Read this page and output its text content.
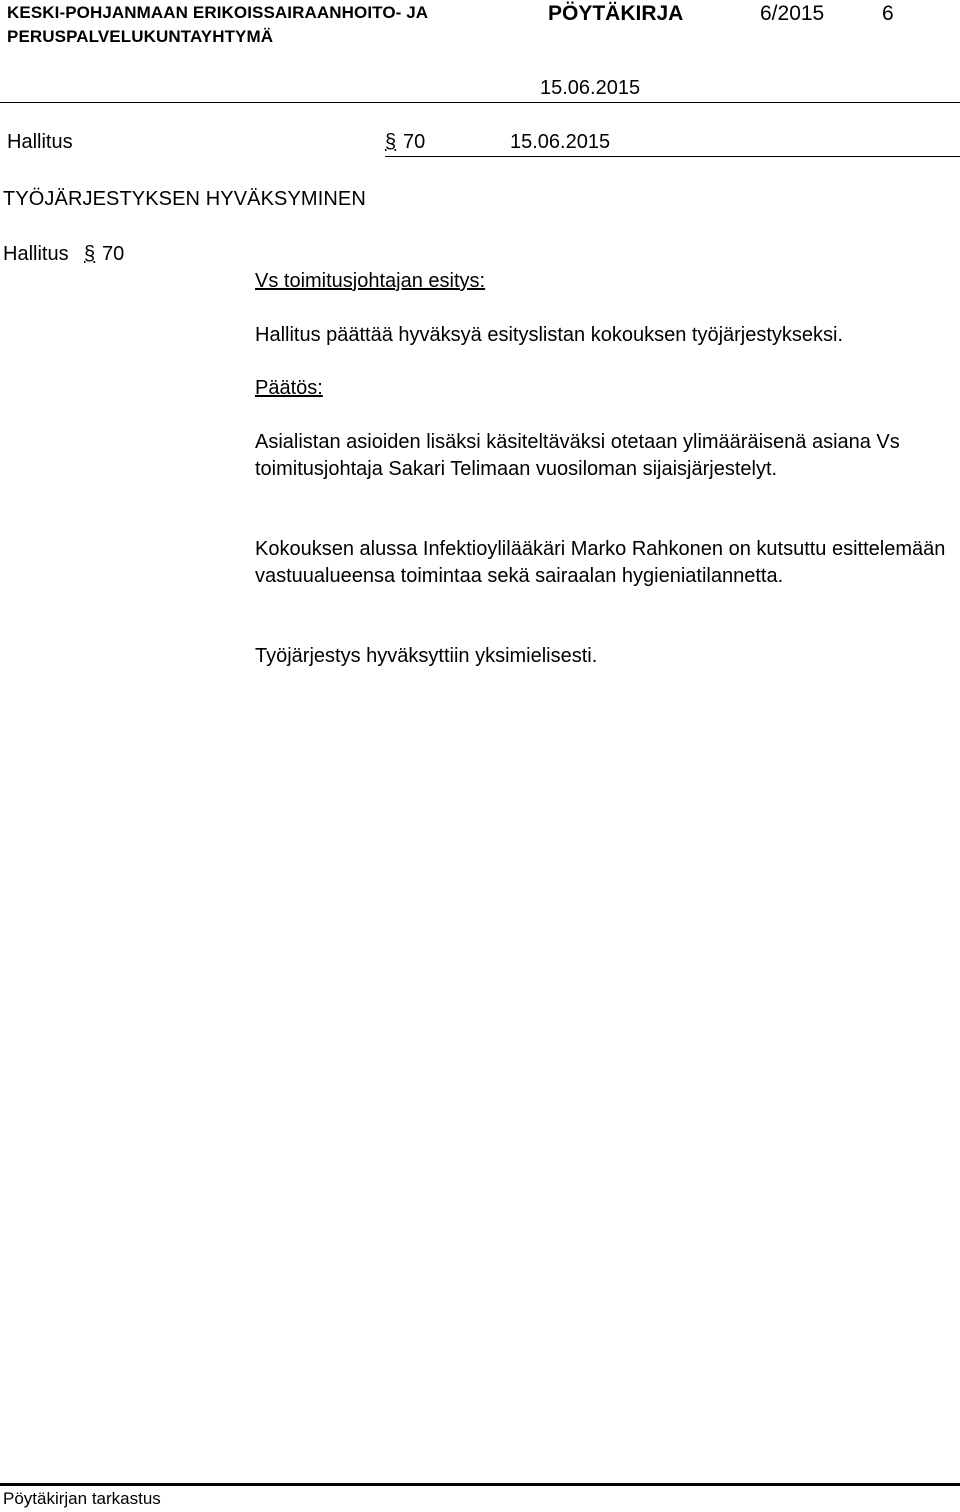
KESKI-POHJANMAAN ERIKOISSAIRAANHOITO- JA
PERUSPALVELUKUNTAYHTYMÄ
PÖYTÄKIRJA	6/2015	6
15.06.2015
Hallitus	§ 70	15.06.2015
TYÖJÄRJESTYKSEN HYVÄKSYMINEN
Hallitus § 70
Vs toimitusjohtajan esitys:
Hallitus päättää hyväksyä esityslistan kokouksen työjärjestykseksi.
Päätös:
Asialistan asioiden lisäksi käsiteltäväksi otetaan ylimääräisenä asiana Vs toimitusjohtaja Sakari Telimaan vuosiloman sijaisjärjestelyt.
Kokouksen alussa Infektioylilääkäri Marko Rahkonen on kutsuttu esittelemään vastuualueensa toimintaa sekä sairaalan hygieniatilannetta.
Työjärjestys hyväksyttiin yksimielisesti.
Pöytäkirjan tarkastus
